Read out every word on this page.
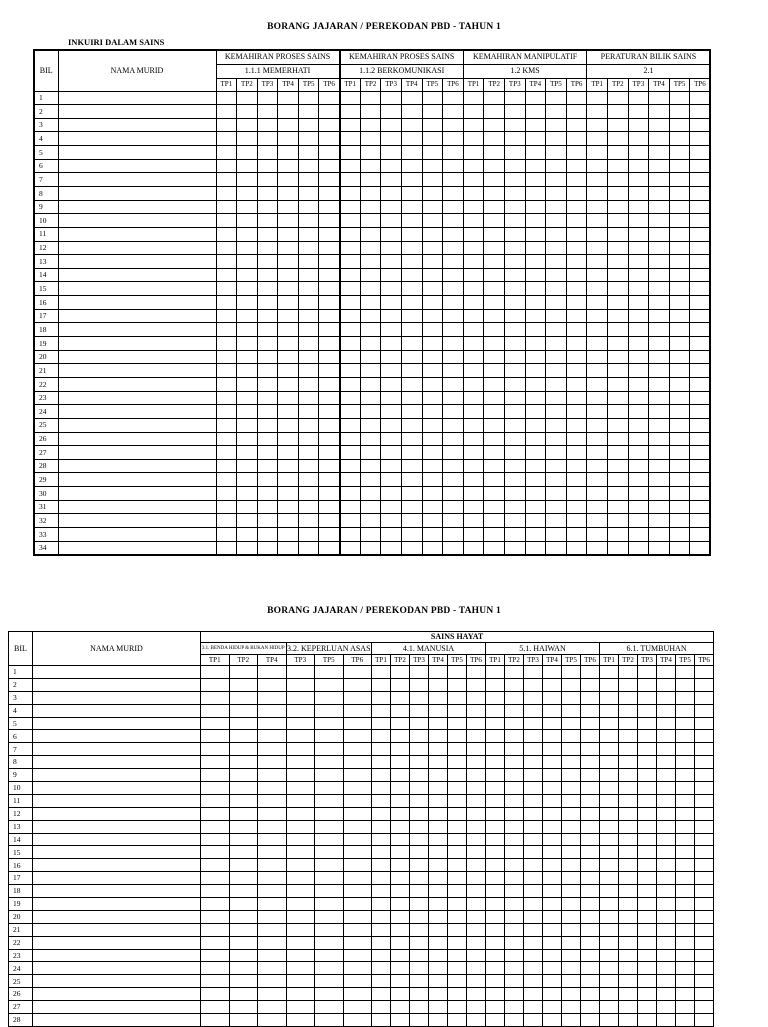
BORANG JAJARAN / PEREKODAN PBD - TAHUN 1
INKUIRI DALAM SAINS
BIL	NAMA MURID	KEMAHIRAN PROSES SAINS						KEMAHIRAN PROSES SAINS						KEMAHIRAN MANIPULATIF						PERATURAN BILIK SAINS					
		1.1.1 MEMERHATI						1.1.2 BERKOMUNIKASI						1.2 KMS						2.1					
		TP1	TP2	TP3	TP4	TP5	TP6	TP1	TP2	TP3	TP4	TP5	TP6	TP1	TP2	TP3	TP4	TP5	TP6	TP1	TP2	TP3	TP4	TP5	TP6
1																									
2																									
3																									
4																									
5																									
6																									
7																									
8																									
9																									
10																									
11																									
12																									
13																									
14																									
15																									
16																									
17																									
18																									
19																									
20																									
21																									
22																									
23																									
24																									
25																									
26																									
27																									
28																									
29																									
30																									
31																									
32																									
33																									
34																									
BORANG JAJARAN / PEREKODAN PBD - TAHUN 1
BIL	NAMA MURID	SAINS HAYAT																							
		3.1. BENDA HIDUP & BUKAN HIDUP			3.2. KEPERLUAN ASAS			4.1. MANUSIA						5.1. HAIWAN						6.1. TUMBUHAN					
		TP1	TP2	TP4	TP3	TP5	TP6	TP1	TP2	TP3	TP4	TP5	TP6	TP1	TP2	TP3	TP4	TP5	TP6	TP1	TP2	TP3	TP4	TP5	TP6
1																									
2																									
3																									
4																									
5																									
6																									
7																									
8																									
9																									
10																									
11																									
12																									
13																									
14																									
15																									
16																									
17																									
18																									
19																									
20																									
21																									
22																									
23																									
24																									
25																									
26																									
27																									
28																									
